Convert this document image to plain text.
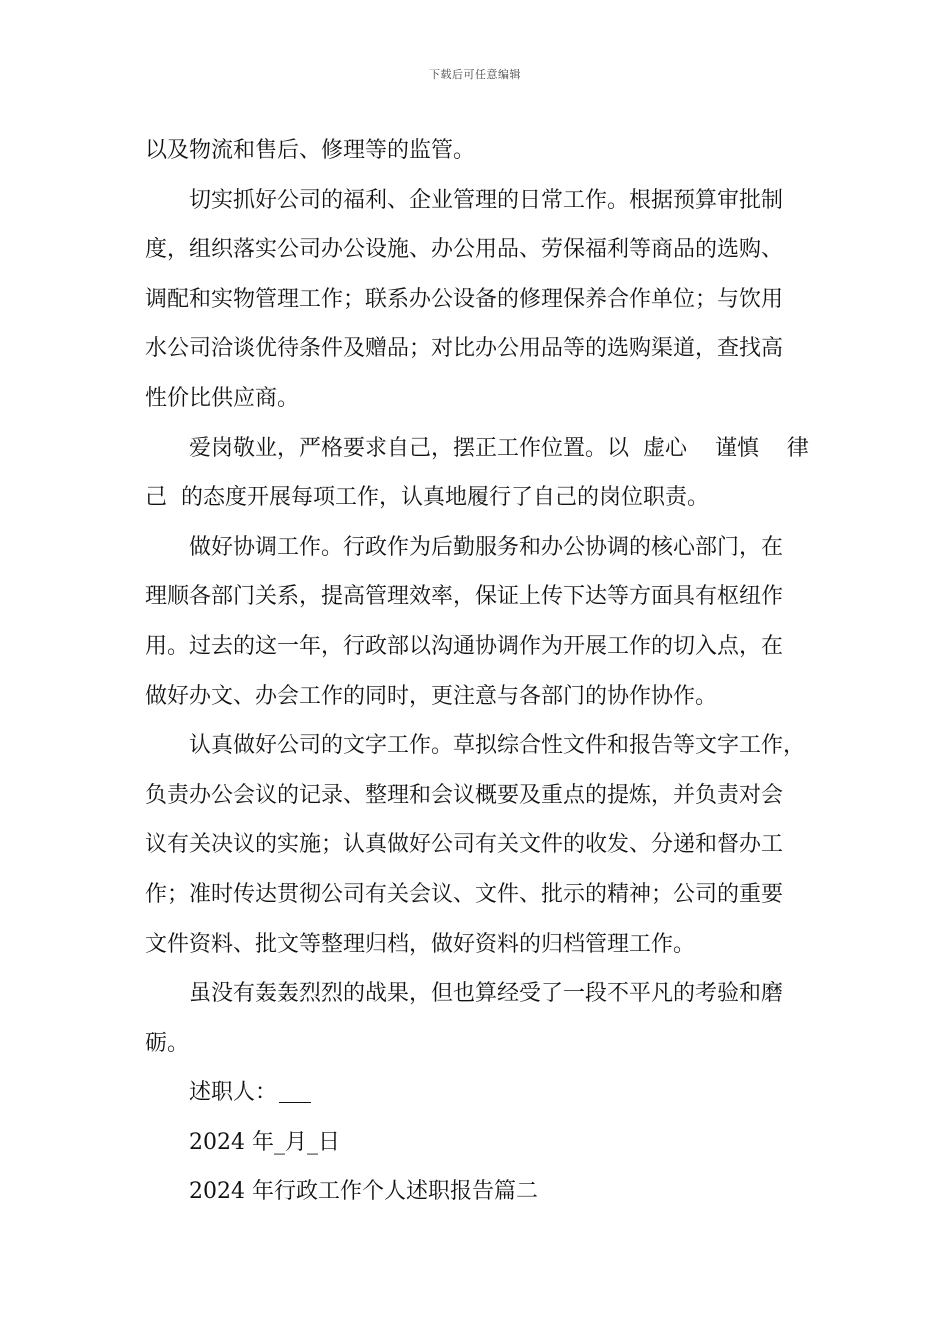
下载后可任意编辑
以及物流和售后、修理等的监管。
切实抓好公司的福利、企业管理的日常工作。根据预算审批制
度，组织落实公司办公设施、办公用品、劳保福利等商品的选购、
调配和实物管理工作；联系办公设备的修理保养合作单位；与饮用
水公司洽谈优待条件及赠品；对比办公用品等的选购渠道，查找高
性价比供应商。
爱岗敬业，严格要求自己，摆正工作位置。以  虚心    谨慎    律
己  的态度开展每项工作，认真地履行了自己的岗位职责。
做好协调工作。行政作为后勤服务和办公协调的核心部门，在
理顺各部门关系，提高管理效率，保证上传下达等方面具有枢纽作
用。过去的这一年，行政部以沟通协调作为开展工作的切入点，在
做好办文、办会工作的同时，更注意与各部门的协作协作。
认真做好公司的文字工作。草拟综合性文件和报告等文字工作，
负责办公会议的记录、整理和会议概要及重点的提炼，并负责对会
议有关决议的实施；认真做好公司有关文件的收发、分递和督办工
作；准时传达贯彻公司有关会议、文件、批示的精神；公司的重要
文件资料、批文等整理归档，做好资料的归档管理工作。
虽没有轰轰烈烈的战果，但也算经受了一段不平凡的考验和磨
砺。
述职人：
2024 年_月_日
2024 年行政工作个人述职报告篇二
